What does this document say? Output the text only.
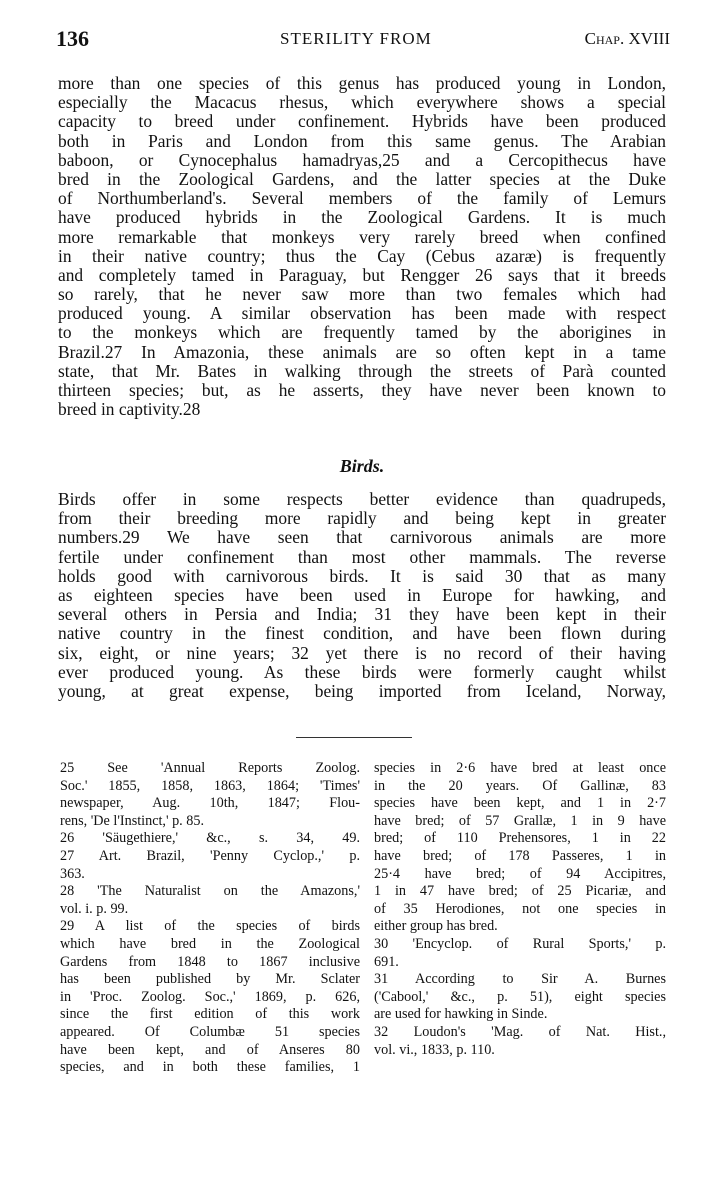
136	STERILITY FROM	Chap. XVIII
more than one species of this genus has produced young in London,
especially the Macacus rhesus, which everywhere shows a special
capacity to breed under confinement. Hybrids have been produced
both in Paris and London from this same genus. The Arabian
baboon, or Cynocephalus hamadryas,25 and a Cercopithecus have
bred in the Zoological Gardens, and the latter species at the Duke
of Northumberland's. Several members of the family of Lemurs
have produced hybrids in the Zoological Gardens. It is much
more remarkable that monkeys very rarely breed when confined
in their native country; thus the Cay (Cebus azaræ) is frequently
and completely tamed in Paraguay, but Rengger 26 says that it breeds
so rarely, that he never saw more than two females which had
produced young. A similar observation has been made with respect
to the monkeys which are frequently tamed by the aborigines in
Brazil.27 In Amazonia, these animals are so often kept in a tame
state, that Mr. Bates in walking through the streets of Parà counted
thirteen species; but, as he asserts, they have never been known to
breed in captivity.28
Birds.
Birds offer in some respects better evidence than quadrupeds,
from their breeding more rapidly and being kept in greater
numbers.29 We have seen that carnivorous animals are more
fertile under confinement than most other mammals. The reverse
holds good with carnivorous birds. It is said 30 that as many
as eighteen species have been used in Europe for hawking, and
several others in Persia and India; 31 they have been kept in their
native country in the finest condition, and have been flown during
six, eight, or nine years; 32 yet there is no record of their having
ever produced young. As these birds were formerly caught whilst
young, at great expense, being imported from Iceland, Norway,
25 See 'Annual Reports Zoolog.
Soc.' 1855, 1858, 1863, 1864; 'Times'
newspaper, Aug. 10th, 1847; Flou-
rens, 'De l'Instinct,' p. 85.
26 'Säugethiere,' &c., s. 34, 49.
27 Art. Brazil, 'Penny Cyclop.,' p.
363.
28 'The Naturalist on the Amazons,'
vol. i. p. 99.
29 A list of the species of birds
which have bred in the Zoological
Gardens from 1848 to 1867 inclusive
has been published by Mr. Sclater
in 'Proc. Zoolog. Soc.,' 1869, p. 626,
since the first edition of this work
appeared. Of Columbæ 51 species
have been kept, and of Anseres 80
species, and in both these families, 1
species in 2·6 have bred at least once
in the 20 years. Of Gallinæ, 83
species have been kept, and 1 in 2·7
have bred; of 57 Grallæ, 1 in 9 have
bred; of 110 Prehensores, 1 in 22
have bred; of 178 Passeres, 1 in
25·4 have bred; of 94 Accipitres,
1 in 47 have bred; of 25 Picariæ, and
of 35 Herodiones, not one species in
either group has bred.
30 'Encyclop. of Rural Sports,' p.
691.
31 According to Sir A. Burnes
('Cabool,' &c., p. 51), eight species
are used for hawking in Sinde.
32 Loudon's 'Mag. of Nat. Hist.,
vol. vi., 1833, p. 110.
